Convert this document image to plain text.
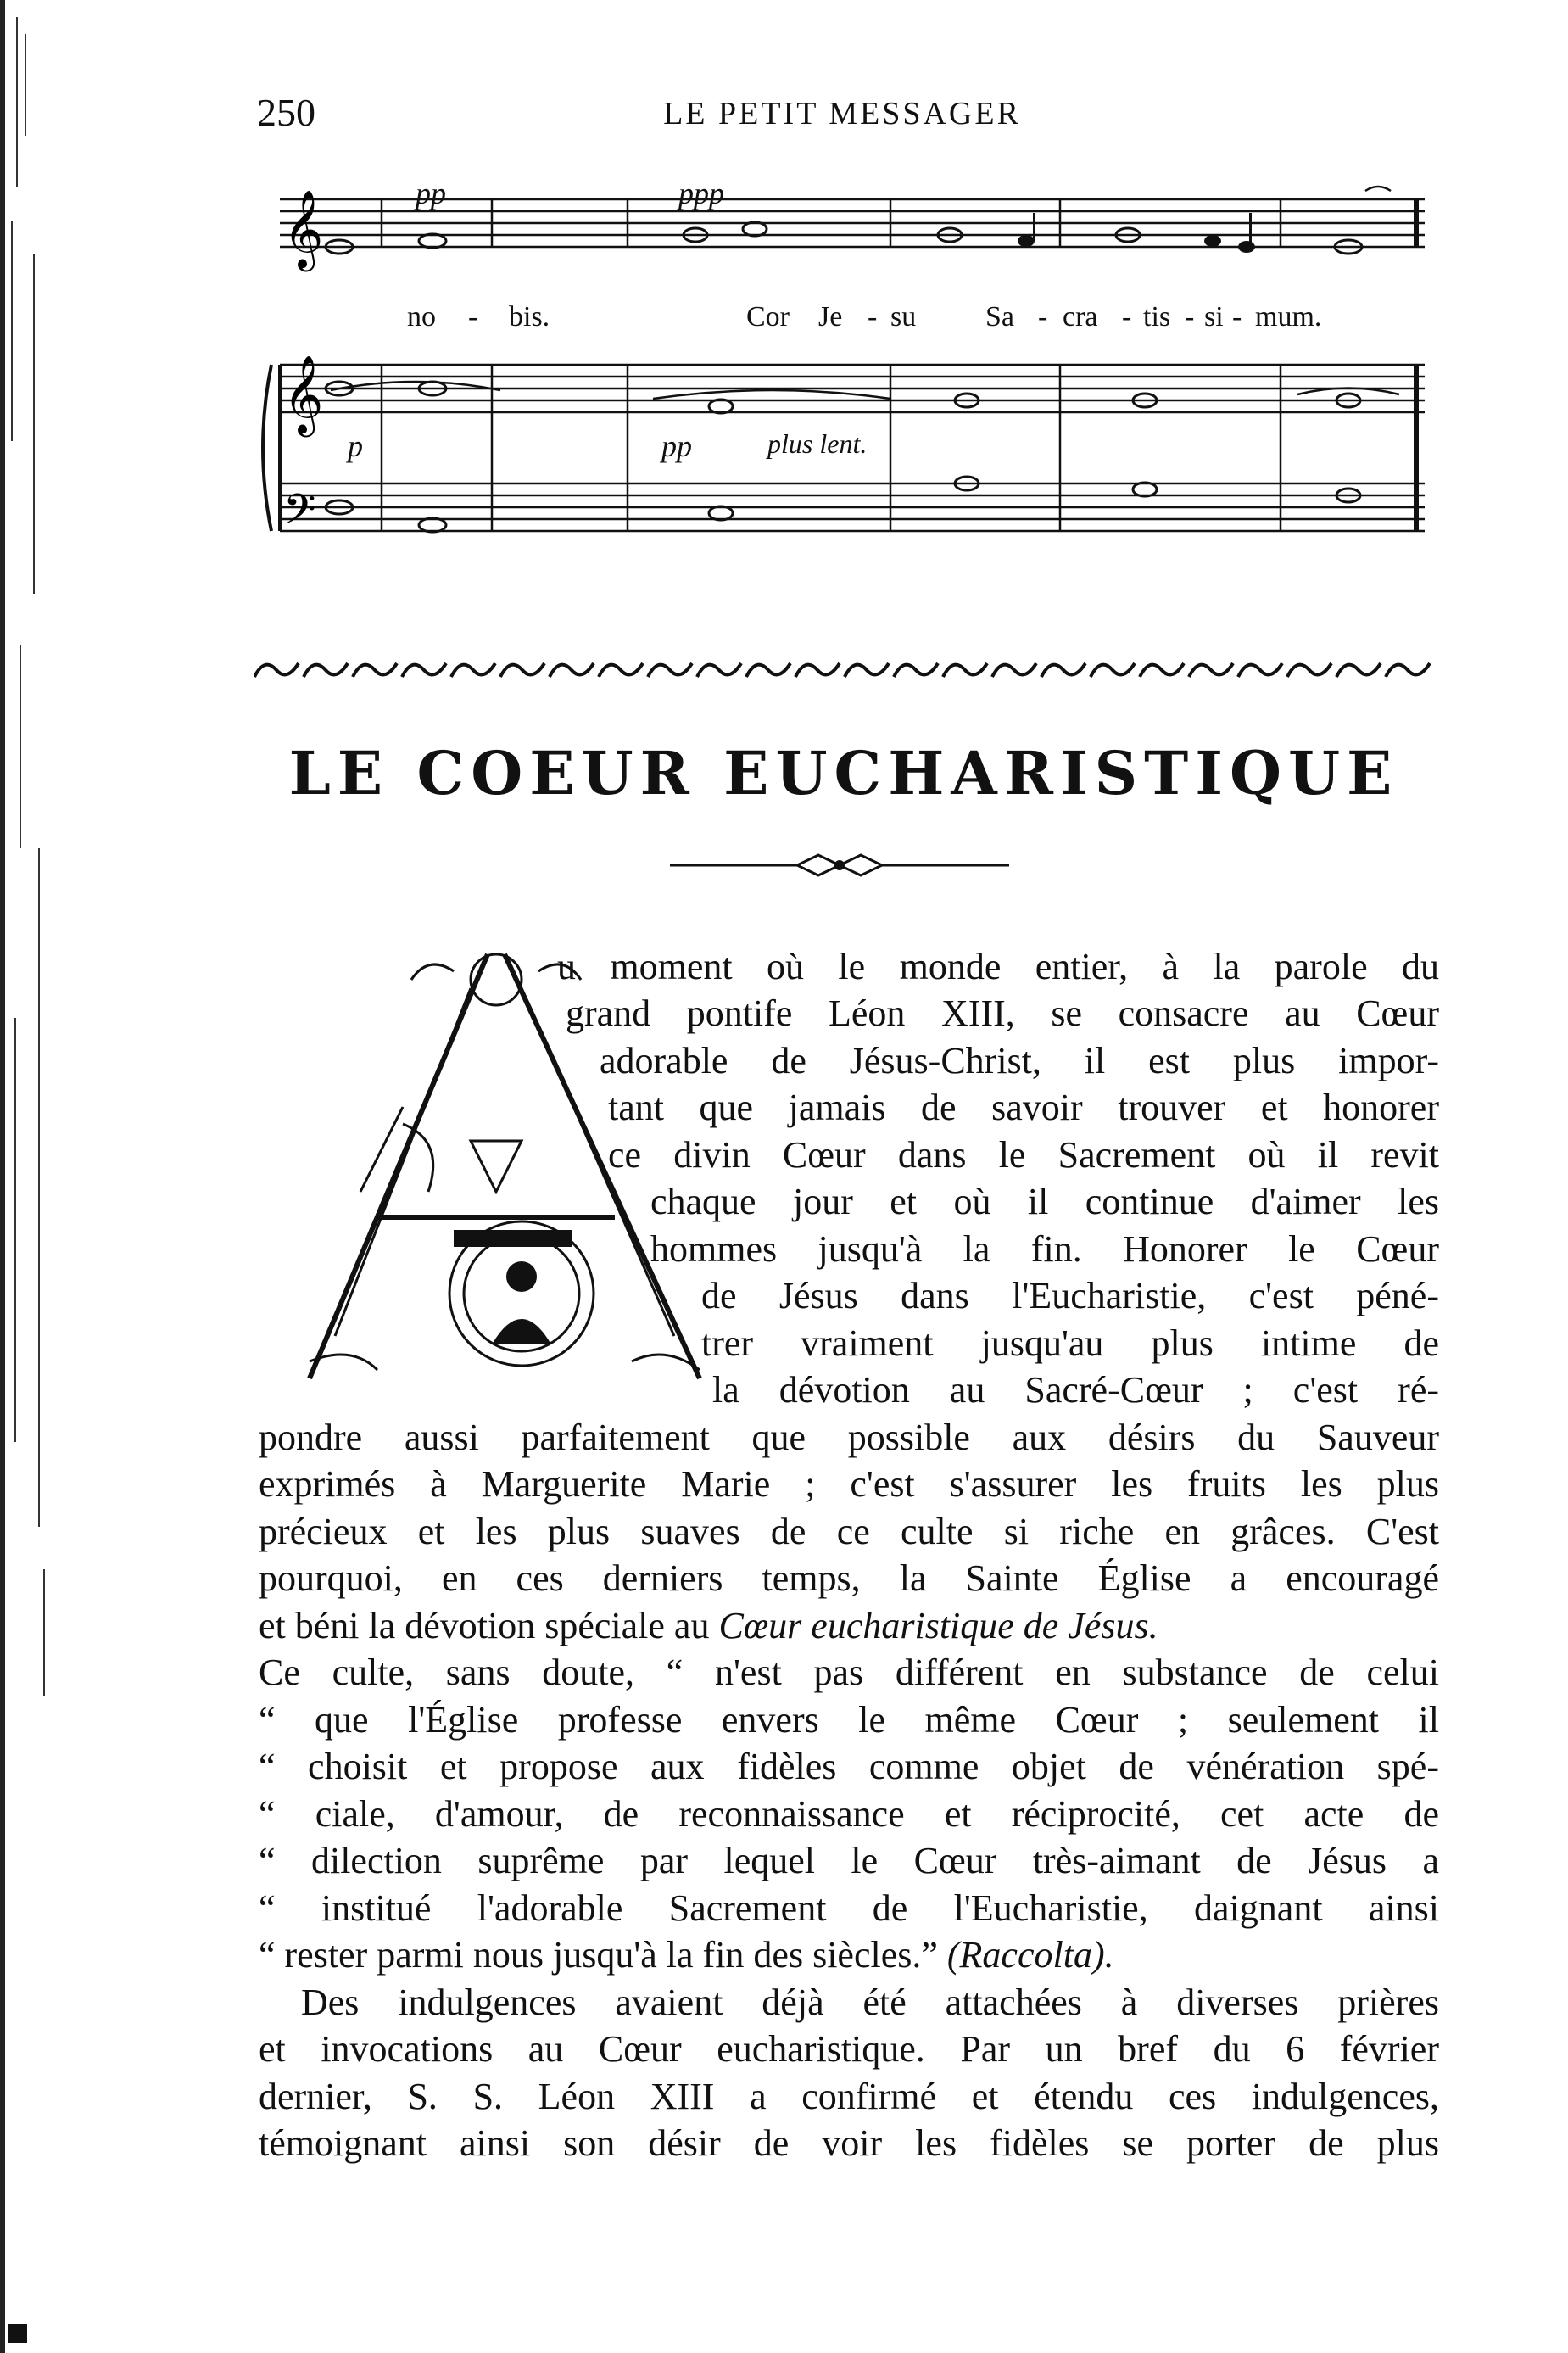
250	LE PETIT MESSAGER
𝄞
𝄞
𝄢
pp	ppp
no - bis.	Cor Je - su Sa - cra - tis - si - mum.
p	pp	plus lent.
LE COEUR EUCHARISTIQUE
u moment où le monde entier, à la parole du
grand pontife Léon XIII, se consacre au Cœur
adorable de Jésus-Christ, il est plus impor-
tant que jamais de savoir trouver et honorer
ce divin Cœur dans le Sacrement où il revit
chaque jour et où il continue d'aimer les
hommes jusqu'à la fin. Honorer le Cœur
de Jésus dans l'Eucharistie, c'est péné-
trer vraiment jusqu'au plus intime de
la dévotion au Sacré-Cœur ; c'est ré-
pondre aussi parfaitement que possible aux désirs du Sauveur
exprimés à Marguerite Marie ; c'est s'assurer les fruits les plus
précieux et les plus suaves de ce culte si riche en grâces. C'est
pourquoi, en ces derniers temps, la Sainte Église a encouragé
et béni la dévotion spéciale au Cœur eucharistique de Jésus.
Ce culte, sans doute, “ n'est pas différent en substance de celui
“ que l'Église professe envers le même Cœur ; seulement il
“ choisit et propose aux fidèles comme objet de vénération spé-
“ ciale, d'amour, de reconnaissance et réciprocité, cet acte de
“ dilection suprême par lequel le Cœur très-aimant de Jésus a
“ institué l'adorable Sacrement de l'Eucharistie, daignant ainsi
“ rester parmi nous jusqu'à la fin des siècles.” (Raccolta).
Des indulgences avaient déjà été attachées à diverses prières
et invocations au Cœur eucharistique. Par un bref du 6 février
dernier, S. S. Léon XIII a confirmé et étendu ces indulgences,
témoignant ainsi son désir de voir les fidèles se porter de plus
